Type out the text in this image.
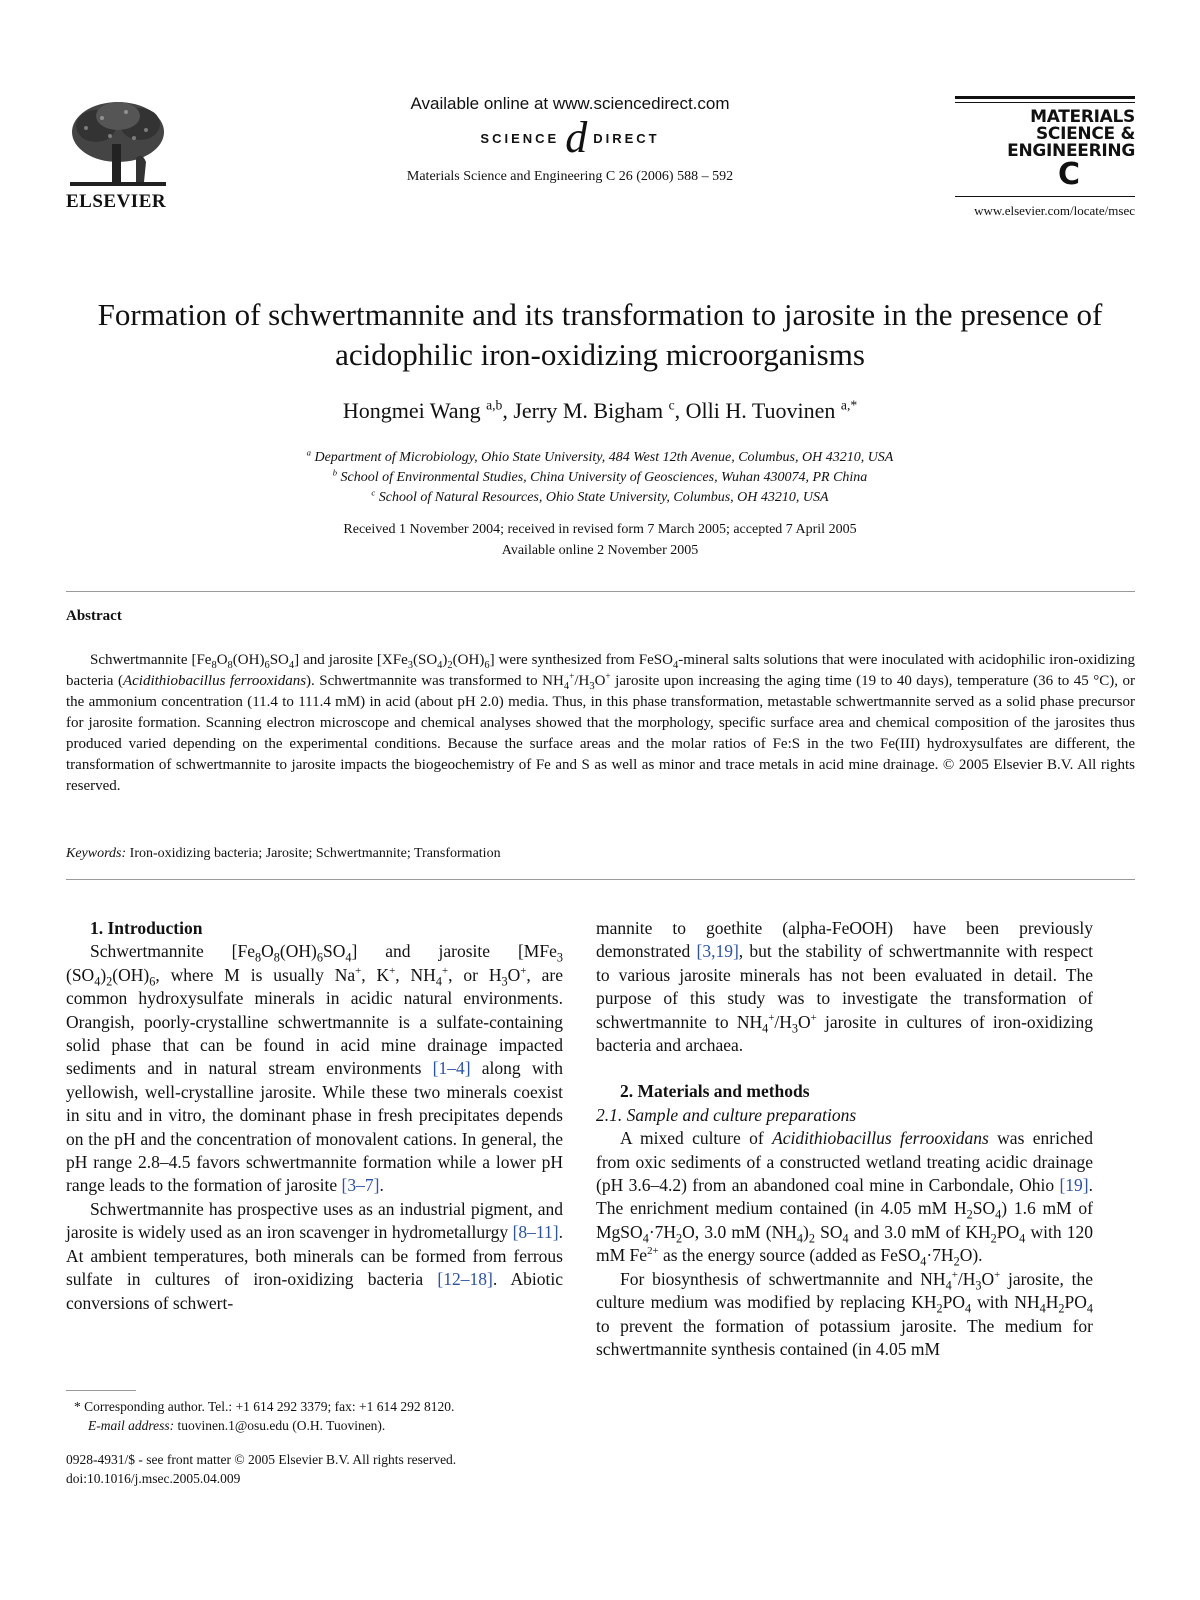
ELSEVIER
Available online at www.sciencedirect.com
SCIENCE d DIRECT
Materials Science and Engineering C 26 (2006) 588 – 592
MATERIALS
SCIENCE &
ENGINEERING
C
www.elsevier.com/locate/msec
Formation of schwertmannite and its transformation to jarosite in the presence of acidophilic iron-oxidizing microorganisms
Hongmei Wang $^{a,b}$, Jerry M. Bigham $^c$, Olli H. Tuovinen $^{a,*}$
$^a$ Department of Microbiology, Ohio State University, 484 West 12th Avenue, Columbus, OH 43210, USA
$^b$ School of Environmental Studies, China University of Geosciences, Wuhan 430074, PR China
$^c$ School of Natural Resources, Ohio State University, Columbus, OH 43210, USA
Received 1 November 2004; received in revised form 7 March 2005; accepted 7 April 2005
Available online 2 November 2005
Abstract

Schwertmannite $[Fe_8O_8(OH)_6SO_4]$ and jarosite $[XFe_3(SO_4)_2(OH)_6]$ were synthesized from FeSO$_4$-mineral salts solutions that were inoculated with acidophilic iron-oxidizing bacteria (Acidithiobacillus ferrooxidans). Schwertmannite was transformed to $NH_4^+/H_3O^+$ jarosite upon increasing the aging time (19 to 40 days), temperature (36 to 45 °C), or the ammonium concentration (11.4 to 111.4 mM) in acid (about pH 2.0) media. Thus, in this phase transformation, metastable schwertmannite served as a solid phase precursor for jarosite formation. Scanning electron microscope and chemical analyses showed that the morphology, specific surface area and chemical composition of the jarosites thus produced varied depending on the experimental conditions. Because the surface areas and the molar ratios of Fe:S in the two Fe(III) hydroxysulfates are different, the transformation of schwertmannite to jarosite impacts the biogeochemistry of Fe and S as well as minor and trace metals in acid mine drainage. © 2005 Elsevier B.V. All rights reserved.

Keywords: Iron-oxidizing bacteria; Jarosite; Schwertmannite; Transformation

1. Introduction

Schwertmannite $[Fe_8O_8(OH)_6SO_4]$ and jarosite [MFe$_3$ $(SO_4)_2(OH)_6$, where M is usually Na+, K+, $NH_4^+$, or $H_3O^+$, are common hydroxysulfate minerals in acidic natural environments. Orangish, poorly-crystalline schwertmannite is a sulfate-containing solid phase that can be found in acid mine drainage impacted sediments and in natural stream environments [1–4] along with yellowish, well-crystalline jarosite. While these two minerals coexist in situ and in vitro, the dominant phase in fresh precipitates depends on the pH and the concentration of monovalent cations. In general, the pH range 2.8–4.5 favors schwertmannite formation while a lower pH range leads to the formation of jarosite [3–7].

Schwertmannite has prospective uses as an industrial pigment, and jarosite is widely used as an iron scavenger in hydrometallurgy [8–11]. At ambient temperatures, both minerals can be formed from ferrous sulfate in cultures of iron-oxidizing bacteria [12–18]. Abiotic conversions of schwert-

mannite to goethite (alpha-FeOOH) have been previously demonstrated [3,19], but the stability of schwertmannite with respect to various jarosite minerals has not been evaluated in detail. The purpose of this study was to investigate the transformation of schwertmannite to $NH_4^+/H_3O^+$ jarosite in cultures of iron-oxidizing bacteria and archaea.

2. Materials and methods

2.1. Sample and culture preparations

A mixed culture of Acidithiobacillus ferrooxidans was enriched from oxic sediments of a constructed wetland treating acidic drainage (pH 3.6–4.2) from an abandoned coal mine in Carbondale, Ohio [19]. The enrichment medium contained (in 4.05 mM $H_2SO_4$) 1.6 mM of $MgSO_4\cdot 7H_2O$, 3.0 mM $(NH_4)_2$ $SO_4$ and 3.0 mM of $KH_2PO_4$ with 120 mM $Fe^{2+}$ as the energy source (added as $FeSO_4\cdot 7H_2O$).

For biosynthesis of schwertmannite and $NH_4^+/H_3O^+$ jarosite, the culture medium was modified by replacing $KH_2PO_4$ with $NH_4H_2PO_4$ to prevent the formation of potassium jarosite. The medium for schwertmannite synthesis contained (in 4.05 mM

* Corresponding author. Tel.: +1 614 292 3379; fax: +1 614 292 8120.
E-mail address: tuovinen.1@osu.edu (O.H. Tuovinen).
0928-4931/$ - see front matter © 2005 Elsevier B.V. All rights reserved.
doi:10.1016/j.msec.2005.04.009
